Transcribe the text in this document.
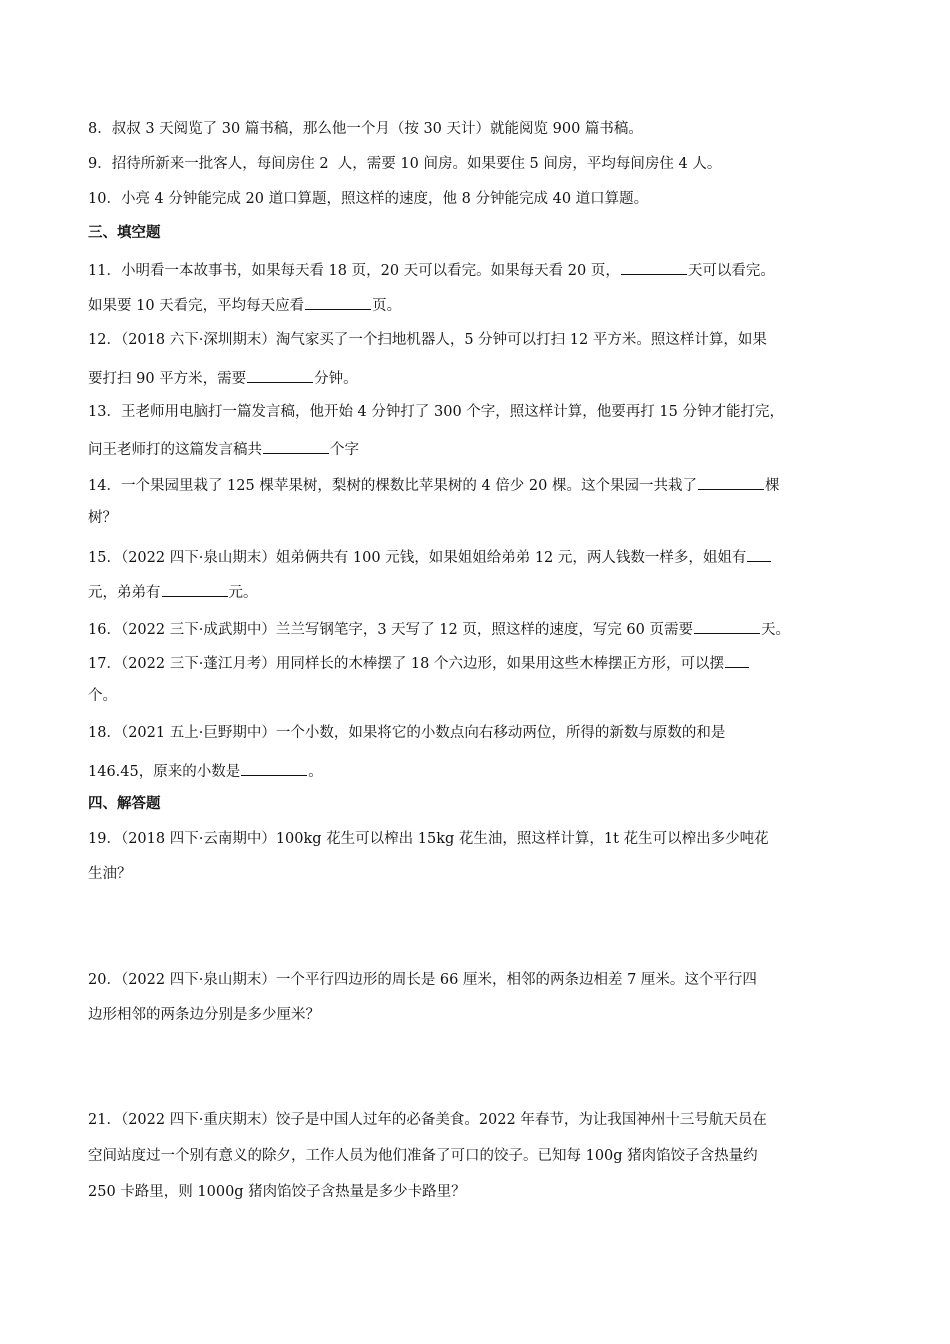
8．叔叔 3 天阅览了 30 篇书稿，那么他一个月（按 30 天计）就能阅览 900 篇书稿。
9．招待所新来一批客人，每间房住 2  人，需要 10 间房。如果要住 5 间房，平均每间房住 4 人。
10．小亮 4 分钟能完成 20 道口算题，照这样的速度，他 8 分钟能完成 40 道口算题。
三、填空题
11．小明看一本故事书，如果每天看 18 页，20 天可以看完。如果每天看 20 页，	天可以看完。
如果要 10 天看完，平均每天应看	页。
12．（2018 六下·深圳期末）淘气家买了一个扫地机器人，5 分钟可以打扫 12 平方米。照这样计算，如果
要打扫 90 平方米，需要	分钟。
13．王老师用电脑打一篇发言稿，他开始 4 分钟打了 300 个字，照这样计算，他要再打 15 分钟才能打完，
问王老师打的这篇发言稿共	个字
14．一个果园里栽了 125 棵苹果树，梨树的棵数比苹果树的 4 倍少 20 棵。这个果园一共栽了	棵
树？
15．（2022 四下·泉山期末）姐弟俩共有 100 元钱，如果姐姐给弟弟 12 元，两人钱数一样多，姐姐有
元，弟弟有	元。
16．（2022 三下·成武期中）兰兰写钢笔字，3 天写了 12 页，照这样的速度，写完 60 页需要	天。
17．（2022 三下·蓬江月考）用同样长的木棒摆了 18 个六边形，如果用这些木棒摆正方形，可以摆
个。
18．（2021 五上·巨野期中）一个小数，如果将它的小数点向右移动两位，所得的新数与原数的和是
146.45，原来的小数是	。
四、解答题
19．（2018 四下·云南期中）100kg 花生可以榨出 15kg 花生油，照这样计算，1t 花生可以榨出多少吨花
生油？
20．（2022 四下·泉山期末）一个平行四边形的周长是 66 厘米，相邻的两条边相差 7 厘米。这个平行四
边形相邻的两条边分别是多少厘米？
21．（2022 四下·重庆期末）饺子是中国人过年的必备美食。2022 年春节，为让我国神州十三号航天员在
空间站度过一个别有意义的除夕，工作人员为他们准备了可口的饺子。已知每 100g 猪肉馅饺子含热量约
250 卡路里，则 1000g 猪肉馅饺子含热量是多少卡路里？
